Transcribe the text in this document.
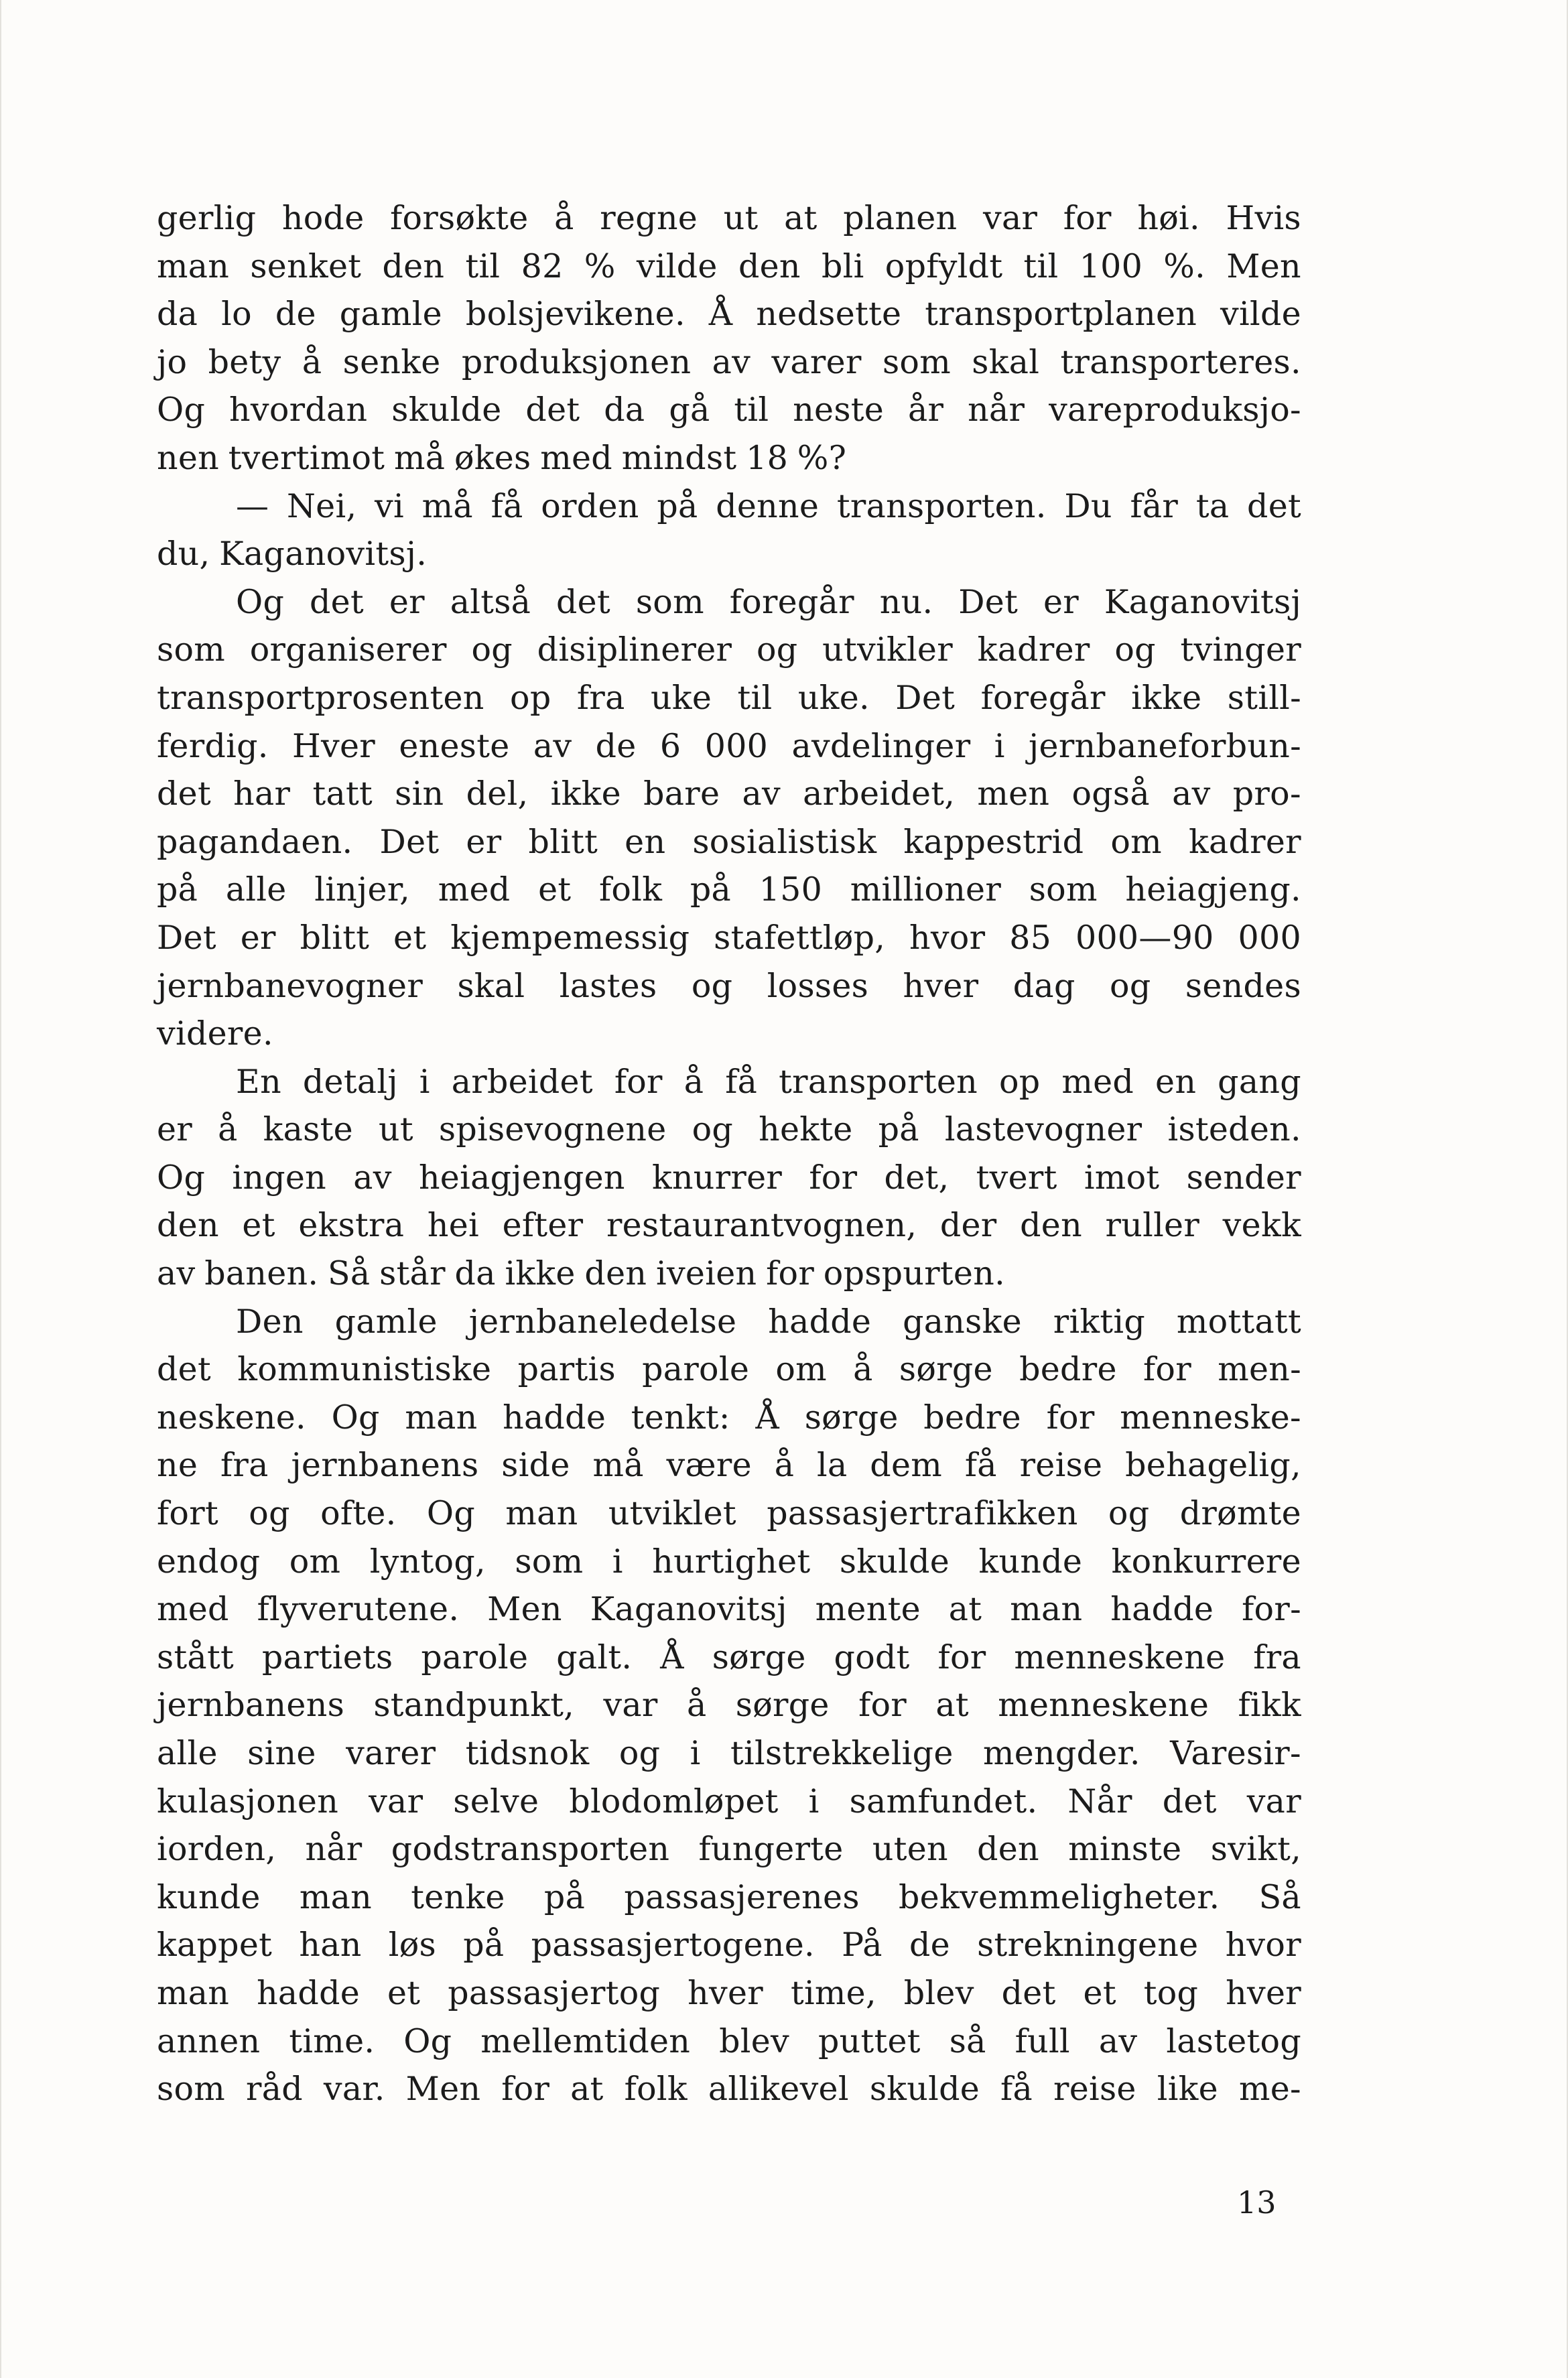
gerlig hode forsøkte å regne ut at planen var for høi. Hvis
man senket den til 82 % vilde den bli opfyldt til 100 %. Men
da lo de gamle bolsjevikene. Å nedsette transportplanen vilde
jo bety å senke produksjonen av varer som skal transporteres.
Og hvordan skulde det da gå til neste år når vareproduksjo-
nen tvertimot må økes med mindst 18 %?
— Nei, vi må få orden på denne transporten. Du får ta det
du, Kaganovitsj.
Og det er altså det som foregår nu. Det er Kaganovitsj
som organiserer og disiplinerer og utvikler kadrer og tvinger
transportprosenten op fra uke til uke. Det foregår ikke still-
ferdig. Hver eneste av de 6 000 avdelinger i jernbaneforbun-
det har tatt sin del, ikke bare av arbeidet, men også av pro-
pagandaen. Det er blitt en sosialistisk kappestrid om kadrer
på alle linjer, med et folk på 150 millioner som heiagjeng.
Det er blitt et kjempemessig stafettløp, hvor 85 000—90 000
jernbanevogner skal lastes og losses hver dag og sendes
videre.
En detalj i arbeidet for å få transporten op med en gang
er å kaste ut spisevognene og hekte på lastevogner isteden.
Og ingen av heiagjengen knurrer for det, tvert imot sender
den et ekstra hei efter restaurantvognen, der den ruller vekk
av banen. Så står da ikke den iveien for opspurten.
Den gamle jernbaneledelse hadde ganske riktig mottatt
det kommunistiske partis parole om å sørge bedre for men-
neskene. Og man hadde tenkt: Å sørge bedre for menneske-
ne fra jernbanens side må være å la dem få reise behagelig,
fort og ofte. Og man utviklet passasjertrafikken og drømte
endog om lyntog, som i hurtighet skulde kunde konkurrere
med flyverutene. Men Kaganovitsj mente at man hadde for-
stått partiets parole galt. Å sørge godt for menneskene fra
jernbanens standpunkt, var å sørge for at menneskene fikk
alle sine varer tidsnok og i tilstrekkelige mengder. Varesir-
kulasjonen var selve blodomløpet i samfundet. Når det var
iorden, når godstransporten fungerte uten den minste svikt,
kunde man tenke på passasjerenes bekvemmeligheter. Så
kappet han løs på passasjertogene. På de strekningene hvor
man hadde et passasjertog hver time, blev det et tog hver
annen time. Og mellemtiden blev puttet så full av lastetog
som råd var. Men for at folk allikevel skulde få reise like me-
13
